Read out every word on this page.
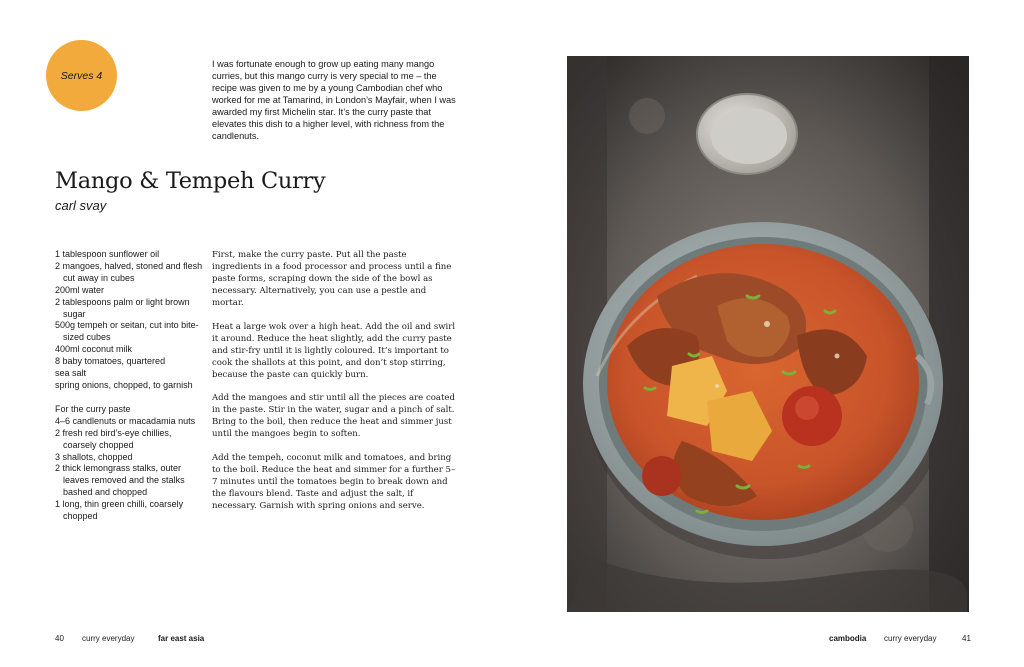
Serves 4

I was fortunate enough to grow up eating many mango curries, but this mango curry is very special to me – the recipe was given to me by a young Cambodian chef who worked for me at Tamarind, in London’s Mayfair, when I was awarded my first Michelin star. It’s the curry paste that elevates this dish to a higher level, with richness from the candlenuts.

Mango & Tempeh Curry
carl svay
1 tablespoon sunflower oil
2 mangoes, halved, stoned and flesh cut away in cubes
200ml water
2 tablespoons palm or light brown sugar
500g tempeh or seitan, cut into bite-sized cubes
400ml coconut milk
8 baby tomatoes, quartered
sea salt
spring onions, chopped, to garnish
For the curry paste
4–6 candlenuts or macadamia nuts
2 fresh red bird’s-eye chillies, coarsely chopped
3 shallots, chopped
2 thick lemongrass stalks, outer leaves removed and the stalks bashed and chopped
1 long, thin green chilli, coarsely chopped

First, make the curry paste. Put all the paste ingredients in a food processor and process until a fine paste forms, scraping down the side of the bowl as necessary. Alternatively, you can use a pestle and mortar.

Heat a large wok over a high heat. Add the oil and swirl it around. Reduce the heat slightly, add the curry paste and stir-fry until it is lightly coloured. It’s important to cook the shallots at this point, and don’t stop stirring, because the paste can quickly burn.

Add the mangoes and stir until all the pieces are coated in the paste. Stir in the water, sugar and a pinch of salt. Bring to the boil, then reduce the heat and simmer just until the mangoes begin to soften.

Add the tempeh, coconut milk and tomatoes, and bring to the boil. Reduce the heat and simmer for a further 5–7 minutes until the tomatoes begin to break down and the flavours blend. Taste and adjust the salt, if necessary. Garnish with spring onions and serve.

40 curry everyday	far east asia	cambodia curry everyday	41
